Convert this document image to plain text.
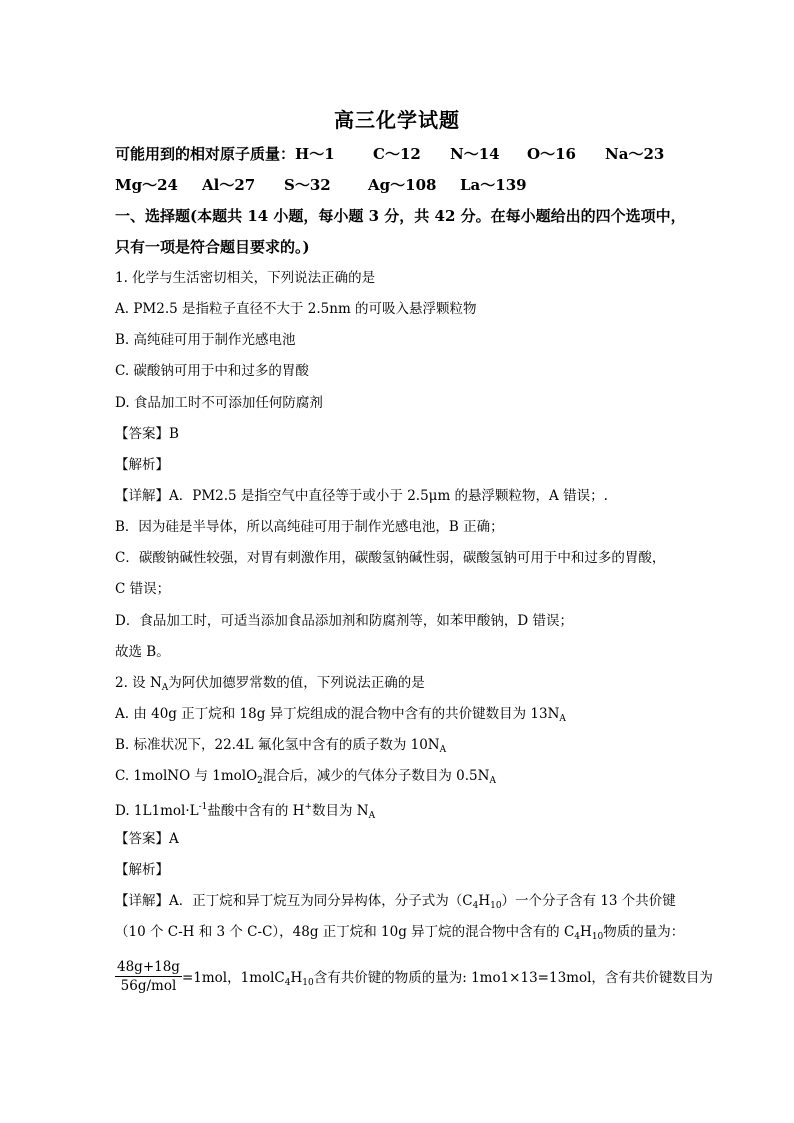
高三化学试题
可能用到的相对原子质量：H～1	C～12 N～14 O～16 Na～23
Mg～24 Al～27 S～32 Ag～108 La～139
一、选择题(本题共 14 小题，每小题 3 分，共 42 分。在每小题给出的四个选项中，
只有一项是符合题目要求的。)
1. 化学与生活密切相关，下列说法正确的是
A. PM2.5 是指粒子直径不大于 2.5nm 的可吸入悬浮颗粒物
B. 高纯硅可用于制作光感电池
C. 碳酸钠可用于中和过多的胃酸
D. 食品加工时不可添加任何防腐剂
【答案】B
【解析】
【详解】A．PM2.5 是指空气中直径等于或小于 2.5μm 的悬浮颗粒物，A 错误；.
B．因为硅是半导体，所以高纯硅可用于制作光感电池，B 正确；
C．碳酸钠碱性较强，对胃有刺激作用，碳酸氢钠碱性弱，碳酸氢钠可用于中和过多的胃酸，
C 错误；
D．食品加工时，可适当添加食品添加剂和防腐剂等，如苯甲酸钠，D 错误；
故选 B。
2. 设 $N_A$为阿伏加德罗常数的值，下列说法正确的是
A. 由 40g 正丁烷和 18g 异丁烷组成的混合物中含有的共价键数目为 $13N_A$
B. 标准状况下，22.4L 氟化氢中含有的质子数为 $10N_A$
C. 1molNO 与 1molO$_2$混合后，减少的气体分子数目为 $0.5N_A$
D. $1L1mol\cdot L^{-1}$盐酸中含有的 H+数目为 $N_A$
【答案】A
【解析】
【详解】A．正丁烷和异丁烷互为同分异构体，分子式为$(C_4H_{10})$一个分子含有 13 个共价键
（10 个 C-H 和 3 个 C-C），48g 正丁烷和 10g 异丁烷的混合物中含有的 $C_4H_{10}$物质的量为：
$\frac{48g+18g}{\text{56g/mol}} =1mol$，$1molC_4H_{10}$含有共价键的物质的量为: 1mo1×13=13mol，含有共价键数目为
